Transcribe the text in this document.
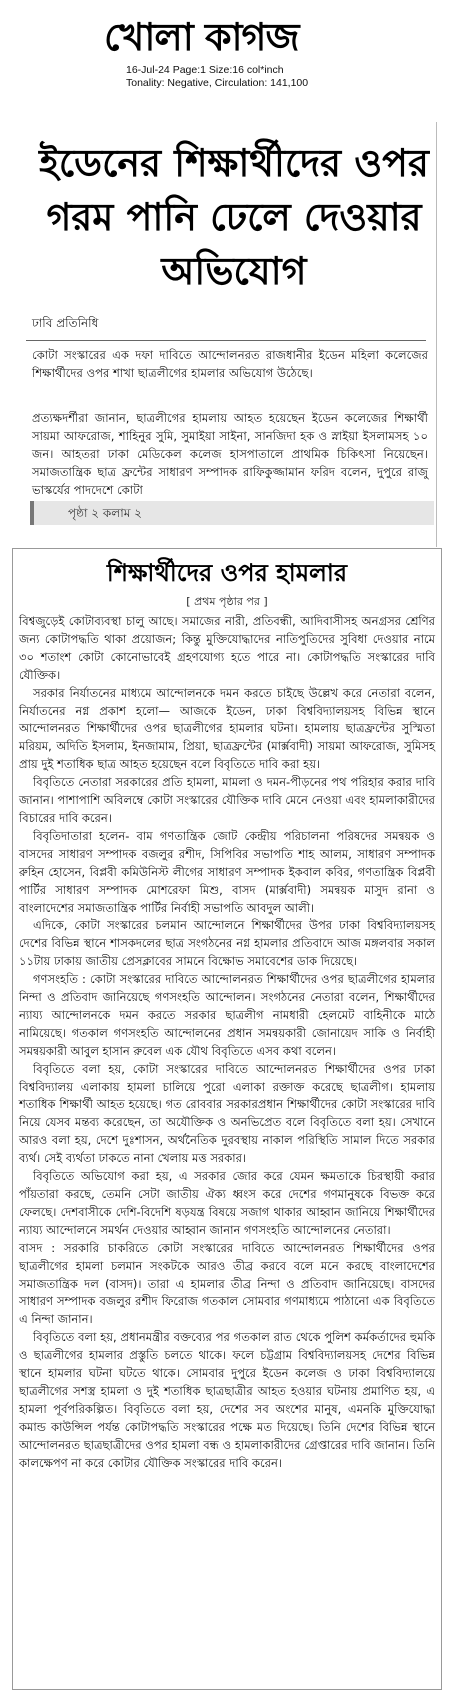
খোলা কাগজ
16-Jul-24 Page:1 Size:16 col*inch
Tonality: Negative, Circulation: 141,100
ইডেনের শিক্ষার্থীদের ওপর গরম পানি ঢেলে দেওয়ার অভিযোগ
ঢাবি প্রতিনিধি
কোটা সংস্কারের এক দফা দাবিতে আন্দোলনরত রাজধানীর ইডেন মহিলা কলেজের শিক্ষার্থীদের ওপর শাখা ছাত্রলীগের হামলার অভিযোগ উঠেছে।
প্রত্যক্ষদর্শীরা জানান, ছাত্রলীগের হামলায় আহত হয়েছেন ইডেন কলেজের শিক্ষার্থী সায়মা আফরোজ, শাহিনুর সুমি, সুমাইয়া সাইনা, সানজিদা হক ও স্নাইয়া ইসলামসহ ১০ জন। আহতরা ঢাকা মেডিকেল কলেজ হাসপাতালে প্রাথমিক চিকিৎসা নিয়েছেন। সমাজতান্ত্রিক ছাত্র ফ্রন্টের সাধারণ সম্পাদক রাফিকুজ্জামান ফরিদ বলেন, দুপুরে রাজু ভাস্কর্যের পাদদেশে কোটা
পৃষ্ঠা ২ কলাম ২
শিক্ষার্থীদের ওপর হামলার
[ প্রথম পৃষ্ঠার পর ]

বিশ্বজুড়েই কোটাব্যবস্থা চালু আছে। সমাজের নারী, প্রতিবন্ধী, আদিবাসীসহ অনগ্রসর শ্রেণির জন্য কোটাপদ্ধতি থাকা প্রয়োজন; কিন্তু মুক্তিযোদ্ধাদের নাতিপুতিদের সুবিধা দেওয়ার নামে ৩০ শতাংশ কোটা কোনোভাবেই গ্রহণযোগ্য হতে পারে না। কোটাপদ্ধতি সংস্কারের দাবি যৌক্তিক।

সরকার নির্যাতনের মাধ্যমে আন্দোলনকে দমন করতে চাইছে উল্লেখ করে নেতারা বলেন, নির্যাতনের নগ্ন প্রকাশ হলো— আজকে ইডেন, ঢাকা বিশ্ববিদ্যালয়সহ বিভিন্ন স্থানে আন্দোলনরত শিক্ষার্থীদের ওপর ছাত্রলীগের হামলার ঘটনা। হামলায় ছাত্রফ্রন্টের সুস্মিতা মরিয়ম, অদিতি ইসলাম, ইনজামাম, প্রিয়া, ছাত্রফ্রন্টের (মার্ক্সবাদী) সায়মা আফরোজ, সুমিসহ প্রায় দুই শতাধিক ছাত্র আহত হয়েছেন বলে বিবৃতিতে দাবি করা হয়।

বিবৃতিতে নেতারা সরকারের প্রতি হামলা, মামলা ও দমন-পীড়নের পথ পরিহার করার দাবি জানান। পাশাপাশি অবিলম্বে কোটা সংস্কারের যৌক্তিক দাবি মেনে নেওয়া এবং হামলাকারীদের বিচারের দাবি করেন।

বিবৃতিদাতারা হলেন- বাম গণতান্ত্রিক জোট কেন্দ্রীয় পরিচালনা পরিষদের সমন্বয়ক ও বাসদের সাধারণ সম্পাদক বজলুর রশীদ, সিপিবির সভাপতি শাহ আলম, সাধারণ সম্পাদক রুহিন হোসেন, বিপ্লবী কমিউনিস্ট লীগের সাধারণ সম্পাদক ইকবাল কবির, গণতান্ত্রিক বিপ্লবী পার্টির সাধারণ সম্পাদক মোশরেফা মিশু, বাসদ (মার্ক্সবাদী) সমন্বয়ক মাসুদ রানা ও বাংলাদেশের সমাজতান্ত্রিক পার্টির নির্বাহী সভাপতি আবদুল আলী।

এদিকে, কোটা সংস্কারের চলমান আন্দোলনে শিক্ষার্থীদের উপর ঢাকা বিশ্ববিদ্যালয়সহ দেশের বিভিন্ন স্থানে শাসকদলের ছাত্র সংগঠনের নগ্ন হামলার প্রতিবাদে আজ মঙ্গলবার সকাল ১১টায় ঢাকায় জাতীয় প্রেসক্লাবের সামনে বিক্ষোভ সমাবেশের ডাক দিয়েছে।

গণসংহতি : কোটা সংস্কারের দাবিতে আন্দোলনরত শিক্ষার্থীদের ওপর ছাত্রলীগের হামলার নিন্দা ও প্রতিবাদ জানিয়েছে গণসংহতি আন্দোলন। সংগঠনের নেতারা বলেন, শিক্ষার্থীদের ন্যায্য আন্দোলনকে দমন করতে সরকার ছাত্রলীগ নামধারী হেলমেট বাহিনীকে মাঠে নামিয়েছে। গতকাল গণসংহতি আন্দোলনের প্রধান সমন্বয়কারী জোনায়েদ সাকি ও নির্বাহী সমন্বয়কারী আবুল হাসান রুবেল এক যৌথ বিবৃতিতে এসব কথা বলেন।

বিবৃতিতে বলা হয়, কোটা সংস্কারের দাবিতে আন্দোলনরত শিক্ষার্থীদের ওপর ঢাকা বিশ্ববিদ্যালয় এলাকায় হামলা চালিয়ে পুরো এলাকা রক্তাক্ত করেছে ছাত্রলীগ। হামলায় শতাধিক শিক্ষার্থী আহত হয়েছে। গত রোববার সরকারপ্রধান শিক্ষার্থীদের কোটা সংস্কারের দাবি নিয়ে যেসব মন্তব্য করেছেন, তা অযৌক্তিক ও অনভিপ্রেত বলে বিবৃতিতে বলা হয়। সেখানে আরও বলা হয়, দেশে দুঃশাসন, অর্থনৈতিক দুরবস্থায় নাকাল পরিস্থিতি সামাল দিতে সরকার ব্যর্থ। সেই ব্যর্থতা ঢাকতে নানা খেলায় মত্ত সরকার।

বিবৃতিতে অভিযোগ করা হয়, এ সরকার জোর করে যেমন ক্ষমতাকে চিরস্থায়ী করার পাঁয়তারা করছে, তেমনি সেটা জাতীয় ঐক্য ধ্বংস করে দেশের গণমানুষকে বিভক্ত করে ফেলছে। দেশবাসীকে দেশি-বিদেশি ষড়যন্ত্র বিষয়ে সজাগ থাকার আহ্বান জানিয়ে শিক্ষার্থীদের ন্যায্য আন্দোলনে সমর্থন দেওয়ার আহ্বান জানান গণসংহতি আন্দোলনের নেতারা।

বাসদ : সরকারি চাকরিতে কোটা সংস্কারের দাবিতে আন্দোলনরত শিক্ষার্থীদের ওপর ছাত্রলীগের হামলা চলমান সংকটকে আরও তীব্র করবে বলে মনে করছে বাংলাদেশের সমাজতান্ত্রিক দল (বাসদ)। তারা এ হামলার তীব্র নিন্দা ও প্রতিবাদ জানিয়েছে। বাসদের সাধারণ সম্পাদক বজলুর রশীদ ফিরোজ গতকাল সোমবার গণমাধ্যমে পাঠানো এক বিবৃতিতে এ নিন্দা জানান।

বিবৃতিতে বলা হয়, প্রধানমন্ত্রীর বক্তব্যের পর গতকাল রাত থেকে পুলিশ কর্মকর্তাদের হুমকি ও ছাত্রলীগের হামলার প্রস্তুতি চলতে থাকে। ফলে চট্টগ্রাম বিশ্ববিদ্যালয়সহ দেশের বিভিন্ন স্থানে হামলার ঘটনা ঘটতে থাকে। সোমবার দুপুরে ইডেন কলেজ ও ঢাকা বিশ্ববিদ্যালয়ে ছাত্রলীগের সশস্ত্র হামলা ও দুই শতাধিক ছাত্রছাত্রীর আহত হওয়ার ঘটনায় প্রমাণিত হয়, এ হামলা পূর্বপরিকল্পিত। বিবৃতিতে বলা হয়, দেশের সব অংশের মানুষ, এমনকি মুক্তিযোদ্ধা কমান্ড কাউন্সিল পর্যন্ত কোটাপদ্ধতি সংস্কারের পক্ষে মত দিয়েছে। তিনি দেশের বিভিন্ন স্থানে আন্দোলনরত ছাত্রছাত্রীদের ওপর হামলা বন্ধ ও হামলাকারীদের গ্রেপ্তারের দাবি জানান। তিনি কালক্ষেপণ না করে কোটার যৌক্তিক সংস্কারের দাবি করেন।
